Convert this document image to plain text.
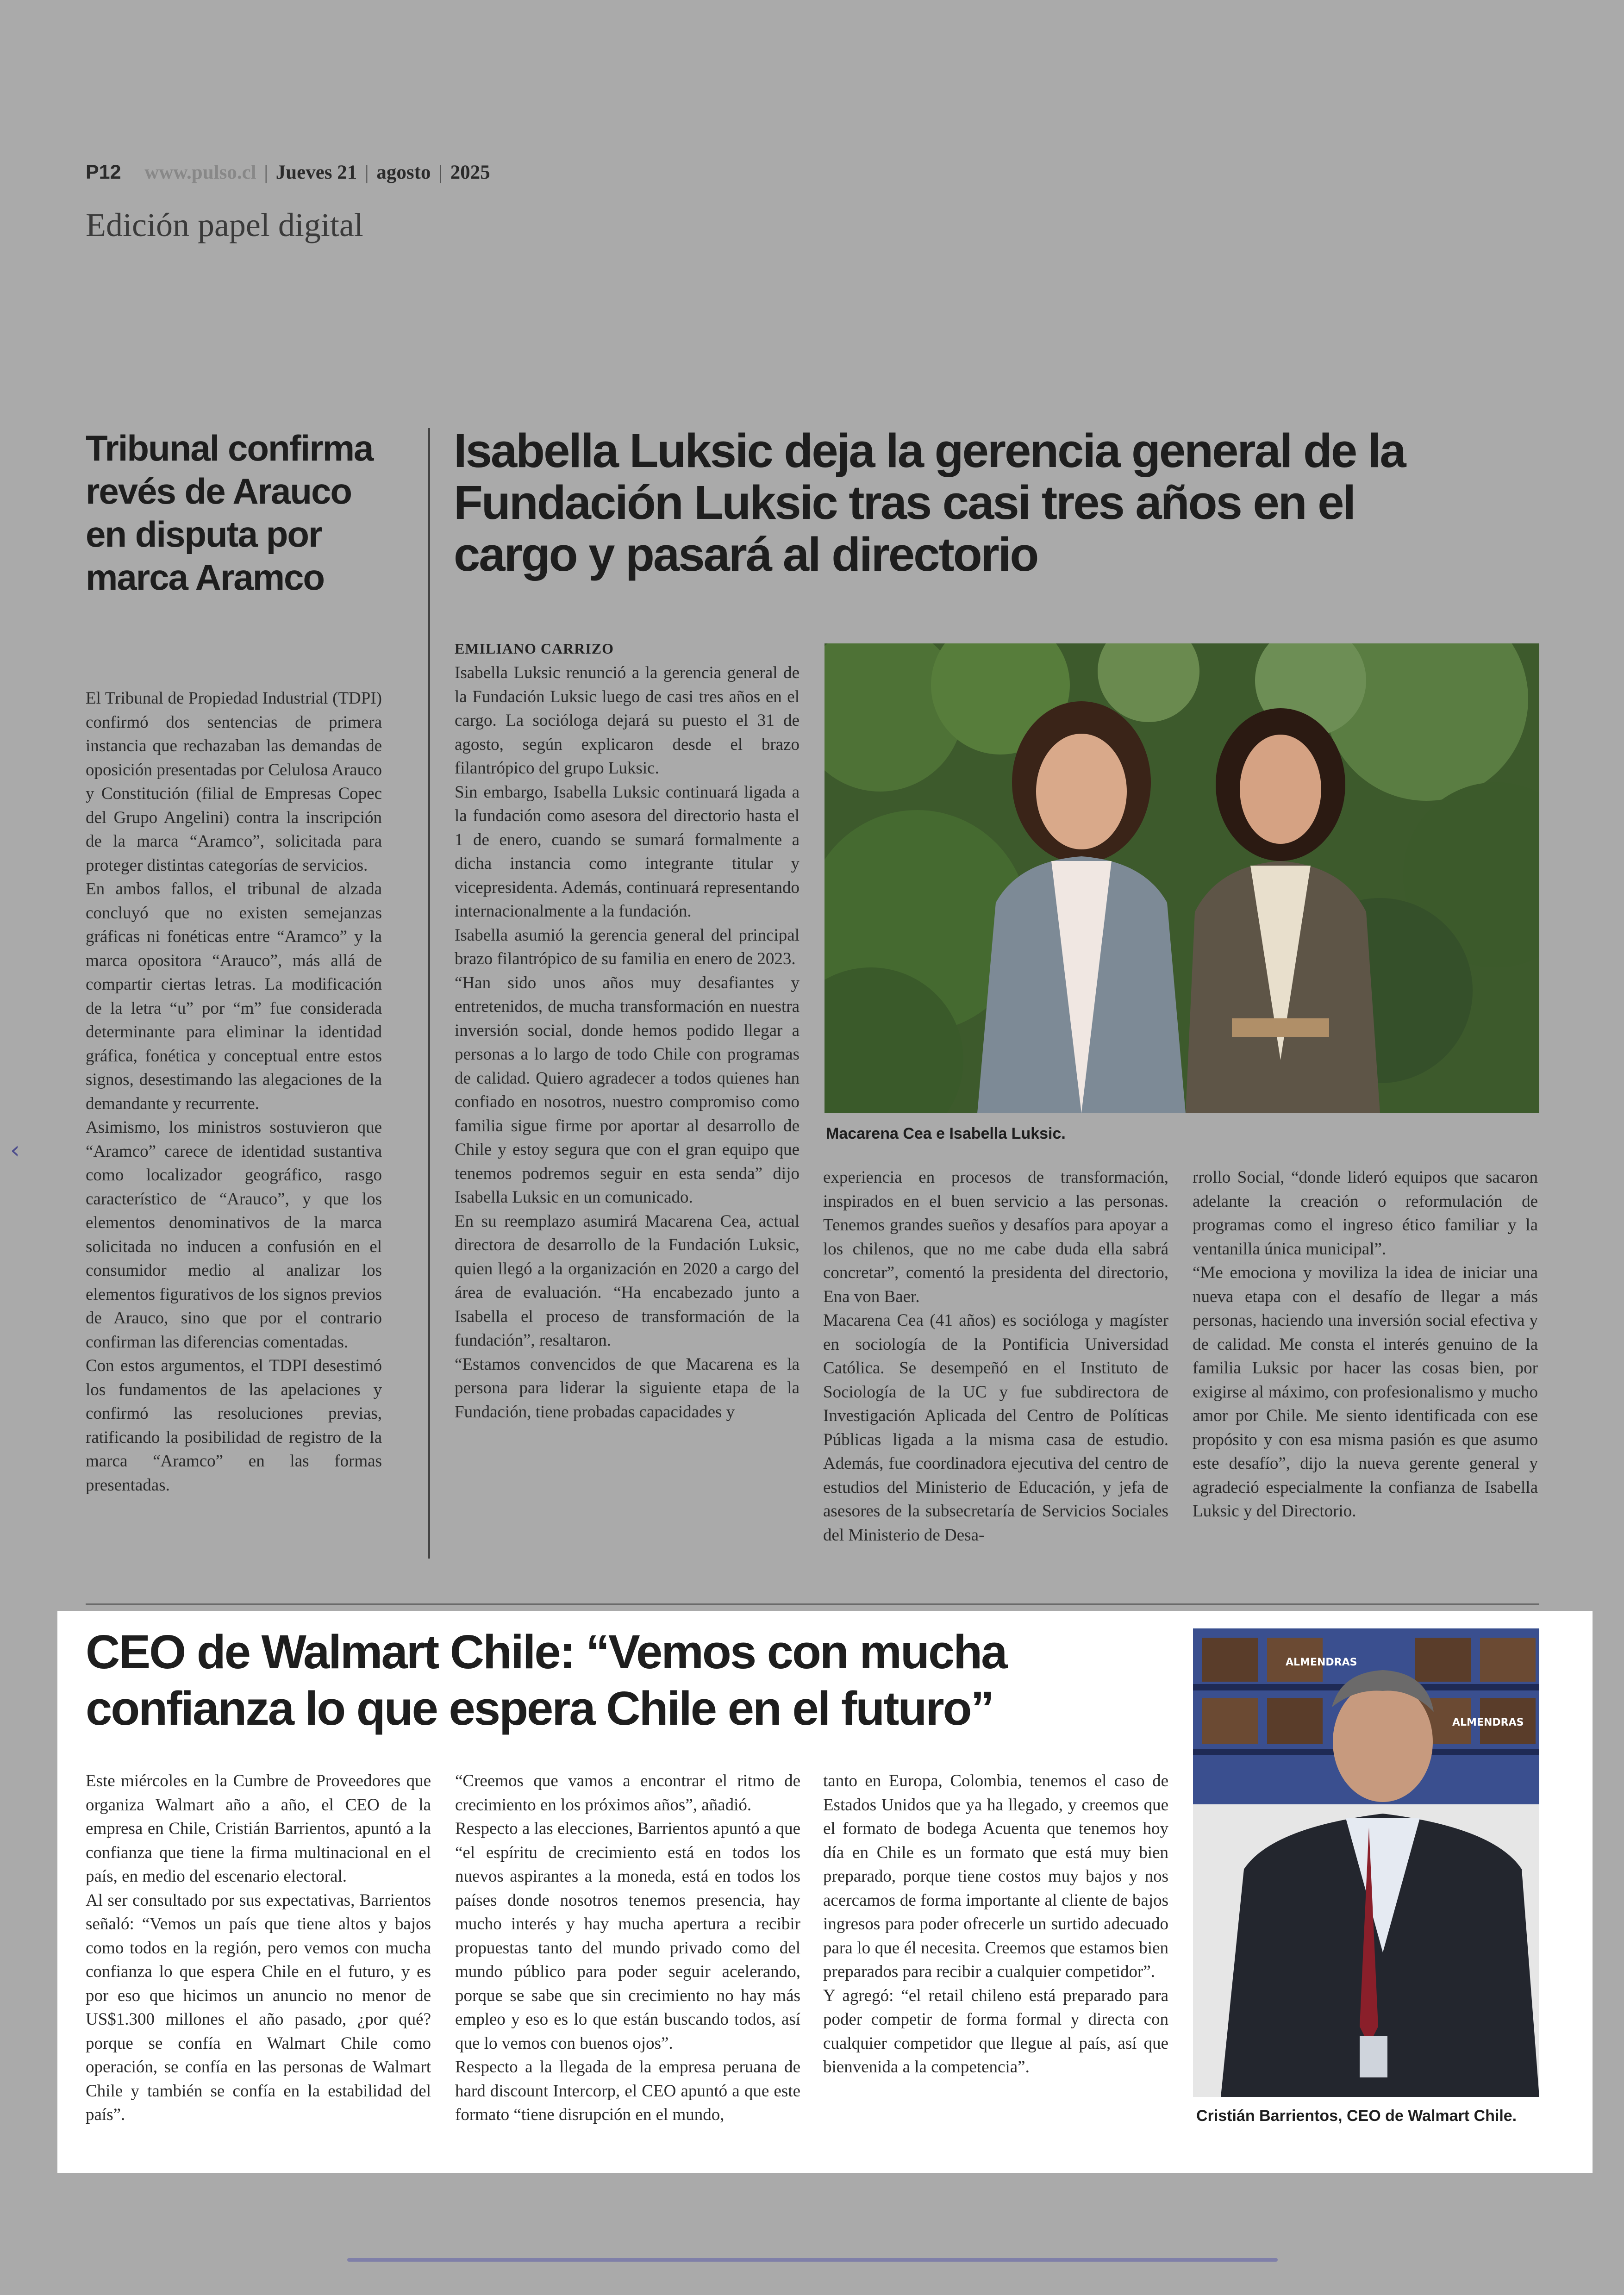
P12 www.pulso.cl | Jueves 21 | agosto | 2025
Edición papel digital
Tribunal confirma revés de Arauco en disputa por marca Aramco

El Tribunal de Propiedad Industrial (TDPI) confirmó dos sentencias de primera instancia que rechazaban las demandas de oposición presentadas por Celulosa Arauco y Constitución (filial de Empresas Copec del Grupo Angelini) contra la inscripción de la marca “Aramco”, solicitada para proteger distintas categorías de servicios.

En ambos fallos, el tribunal de alzada concluyó que no existen semejanzas gráficas ni fonéticas entre “Aramco” y la marca opositora “Arauco”, más allá de compartir ciertas letras. La modificación de la letra “u” por “m” fue considerada determinante para eliminar la identidad gráfica, fonética y conceptual entre estos signos, desestimando las alegaciones de la demandante y recurrente.

Asimismo, los ministros sostuvieron que “Aramco” carece de identidad sustantiva como localizador geográfico, rasgo característico de “Arauco”, y que los elementos denominativos de la marca solicitada no inducen a confusión en el consumidor medio al analizar los elementos figurativos de los signos previos de Arauco, sino que por el contrario confirman las diferencias comentadas.

Con estos argumentos, el TDPI desestimó los fundamentos de las apelaciones y confirmó las resoluciones previas, ratificando la posibilidad de registro de la marca “Aramco” en las formas presentadas.

Isabella Luksic deja la gerencia general de la Fundación Luksic tras casi tres años en el cargo y pasará al directorio
EMILIANO CARRIZO

Isabella Luksic renunció a la gerencia general de la Fundación Luksic luego de casi tres años en el cargo. La socióloga dejará su puesto el 31 de agosto, según explicaron desde el brazo filantrópico del grupo Luksic.

Sin embargo, Isabella Luksic continuará ligada a la fundación como asesora del directorio hasta el 1 de enero, cuando se sumará formalmente a dicha instancia como integrante titular y vicepresidenta. Además, continuará representando internacionalmente a la fundación.

Isabella asumió la gerencia general del principal brazo filantrópico de su familia en enero de 2023.

“Han sido unos años muy desafiantes y entretenidos, de mucha transformación en nuestra inversión social, donde hemos podido llegar a personas a lo largo de todo Chile con programas de calidad. Quiero agradecer a todos quienes han confiado en nosotros, nuestro compromiso como familia sigue firme por aportar al desarrollo de Chile y estoy segura que con el gran equipo que tenemos podremos seguir en esta senda” dijo Isabella Luksic en un comunicado.

En su reemplazo asumirá Macarena Cea, actual directora de desarrollo de la Fundación Luksic, quien llegó a la organización en 2020 a cargo del área de evaluación. “Ha encabezado junto a Isabella el proceso de transformación de la fundación”, resaltaron.

“Estamos convencidos de que Macarena es la persona para liderar la siguiente etapa de la Fundación, tiene probadas capacidades y

Macarena Cea e Isabella Luksic.

experiencia en procesos de transformación, inspirados en el buen servicio a las personas. Tenemos grandes sueños y desafíos para apoyar a los chilenos, que no me cabe duda ella sabrá concretar”, comentó la presidenta del directorio, Ena von Baer.

Macarena Cea (41 años) es socióloga y magíster en sociología de la Pontificia Universidad Católica. Se desempeñó en el Instituto de Sociología de la UC y fue subdirectora de Investigación Aplicada del Centro de Políticas Públicas ligada a la misma casa de estudio. Además, fue coordinadora ejecutiva del centro de estudios del Ministerio de Educación, y jefa de asesores de la subsecretaría de Servicios Sociales del Ministerio de Desa-

rrollo Social, “donde lideró equipos que sacaron adelante la creación o reformulación de programas como el ingreso ético familiar y la ventanilla única municipal”.

“Me emociona y moviliza la idea de iniciar una nueva etapa con el desafío de llegar a más personas, haciendo una inversión social efectiva y de calidad. Me consta el interés genuino de la familia Luksic por hacer las cosas bien, por exigirse al máximo, con profesionalismo y mucho amor por Chile. Me siento identificada con ese propósito y con esa misma pasión es que asumo este desafío”, dijo la nueva gerente general y agradeció especialmente la confianza de Isabella Luksic y del Directorio.

CEO de Walmart Chile: “Vemos con mucha
confianza lo que espera Chile en el futuro”

Este miércoles en la Cumbre de Proveedores que organiza Walmart año a año, el CEO de la empresa en Chile, Cristián Barrientos, apuntó a la confianza que tiene la firma multinacional en el país, en medio del escenario electoral.

Al ser consultado por sus expectativas, Barrientos señaló: “Vemos un país que tiene altos y bajos como todos en la región, pero vemos con mucha confianza lo que espera Chile en el futuro, y es por eso que hicimos un anuncio no menor de US$1.300 millones el año pasado, ¿por qué? porque se confía en Walmart Chile como operación, se confía en las personas de Walmart Chile y también se confía en la estabilidad del país”.

“Creemos que vamos a encontrar el ritmo de crecimiento en los próximos años”, añadió.

Respecto a las elecciones, Barrientos apuntó a que “el espíritu de crecimiento está en todos los nuevos aspirantes a la moneda, está en todos los países donde nosotros tenemos presencia, hay mucho interés y hay mucha apertura a recibir propuestas tanto del mundo privado como del mundo público para poder seguir acelerando, porque se sabe que sin crecimiento no hay más empleo y eso es lo que están buscando todos, así que lo vemos con buenos ojos”.

Respecto a la llegada de la empresa peruana de hard discount Intercorp, el CEO apuntó a que este formato “tiene disrupción en el mundo,

tanto en Europa, Colombia, tenemos el caso de Estados Unidos que ya ha llegado, y creemos que el formato de bodega Acuenta que tenemos hoy día en Chile es un formato que está muy bien preparado, porque tiene costos muy bajos y nos acercamos de forma importante al cliente de bajos ingresos para poder ofrecerle un surtido adecuado para lo que él necesita. Creemos que estamos bien preparados para recibir a cualquier competidor”.

Y agregó: “el retail chileno está preparado para poder competir de forma formal y directa con cualquier competidor que llegue al país, así que bienvenida a la competencia”.

ALMENDRAS
ALMENDRAS
Cristián Barrientos, CEO de Walmart Chile.
‹
